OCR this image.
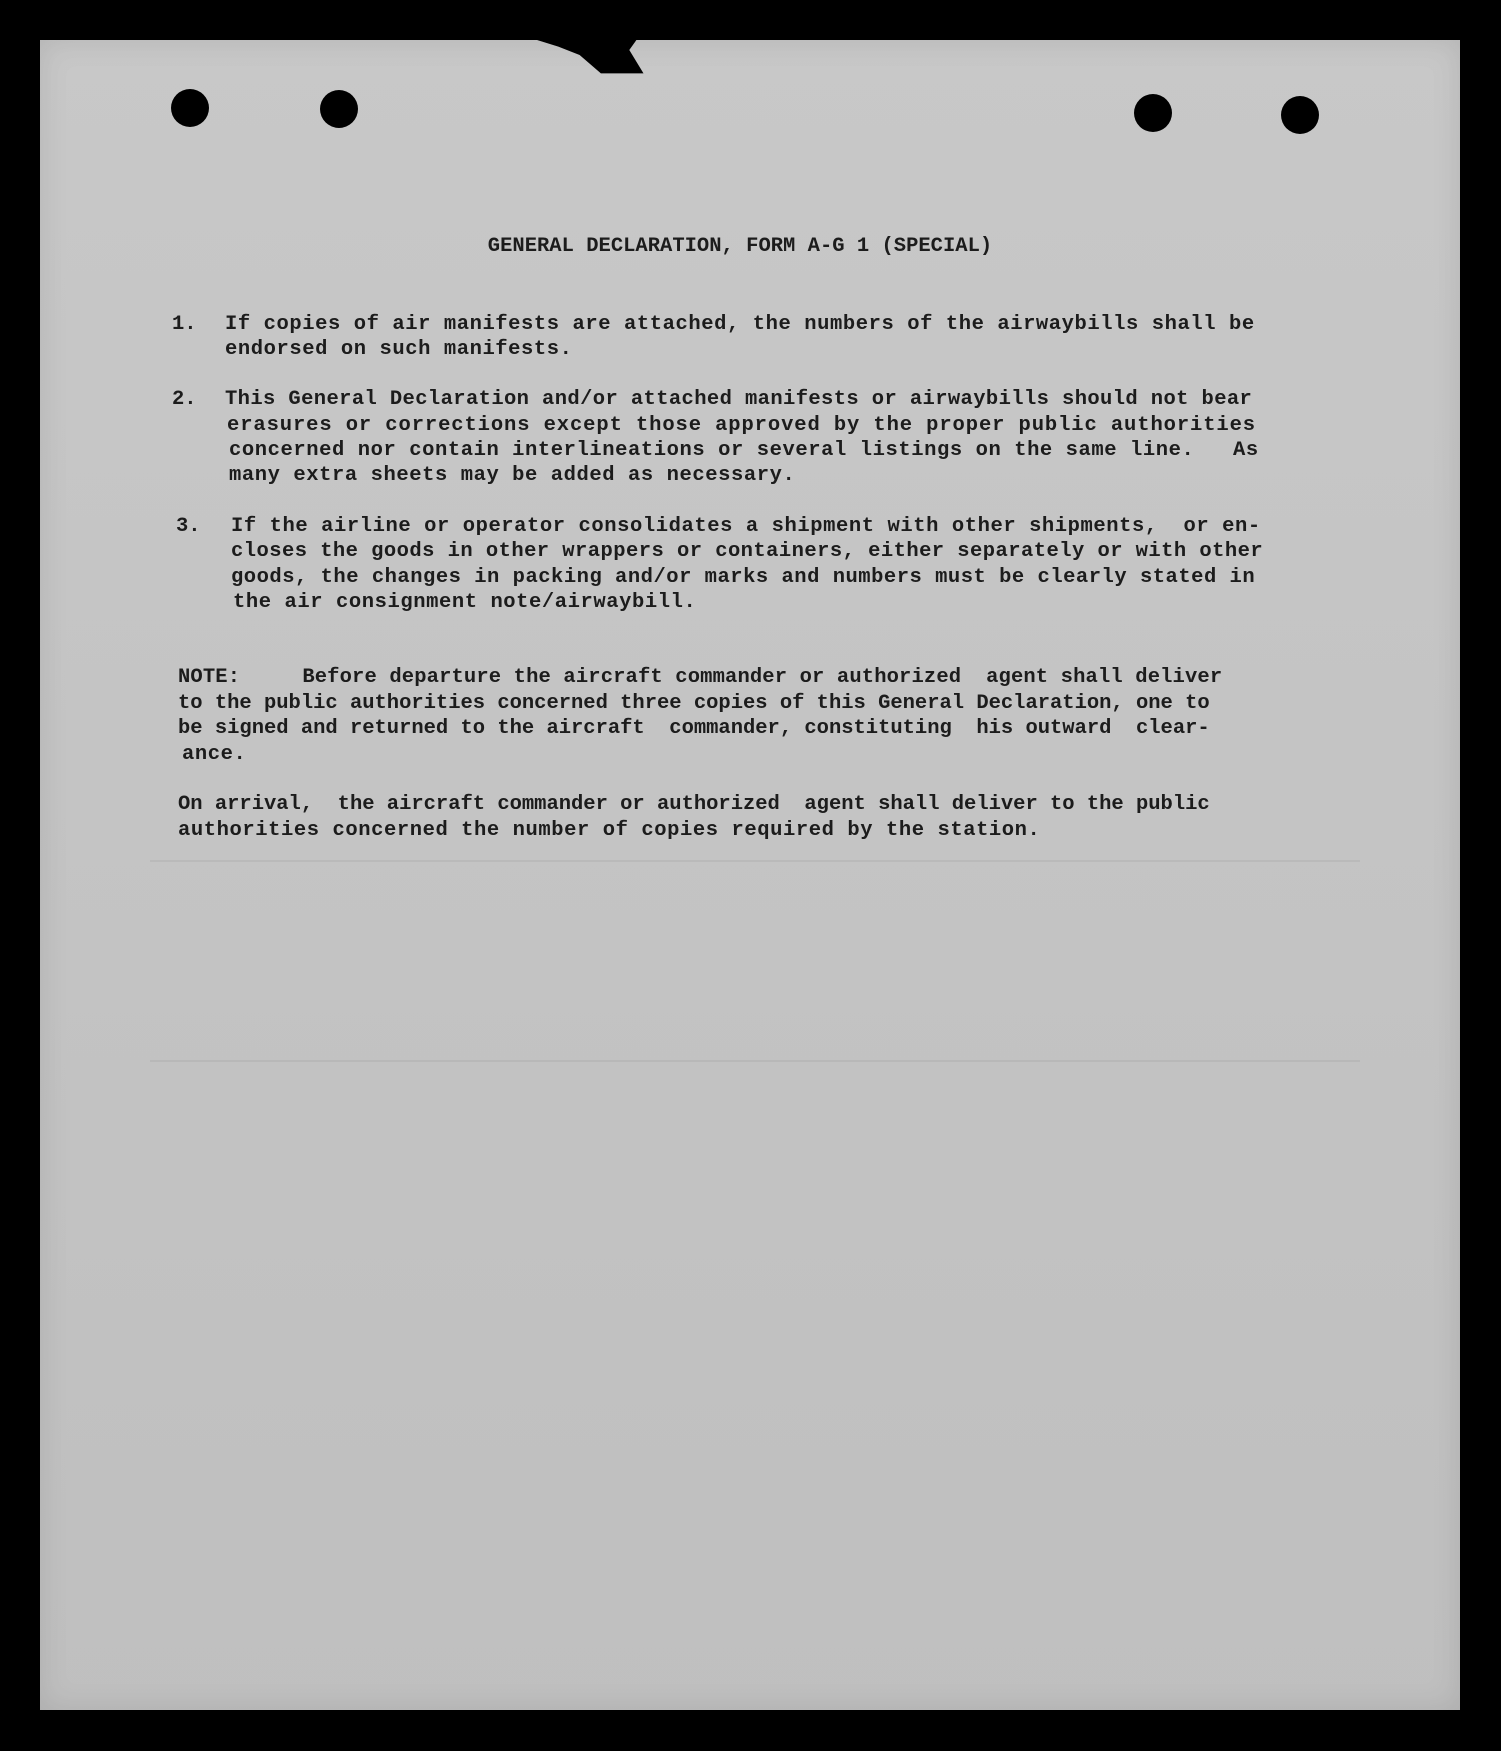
GENERAL DECLARATION, FORM A-G 1 (SPECIAL)
1. If copies of air manifests are attached, the numbers of the airwaybills shall be
endorsed on such manifests.
2. This General Declaration and/or attached manifests or airwaybills should not bear
erasures or corrections except those approved by the proper public authorities
concerned nor contain interlineations or several listings on the same line.   As
many extra sheets may be added as necessary.
3. If the airline or operator consolidates a shipment with other shipments,  or en-
closes the goods in other wrappers or containers, either separately or with other
goods, the changes in packing and/or marks and numbers must be clearly stated in
the air consignment note/airwaybill.
NOTE:     Before departure the aircraft commander or authorized  agent shall deliver
to the public authorities concerned three copies of this General Declaration, one to
be signed and returned to the aircraft  commander, constituting  his outward  clear-
ance.
On arrival,  the aircraft commander or authorized  agent shall deliver to the public
authorities concerned the number of copies required by the station.
